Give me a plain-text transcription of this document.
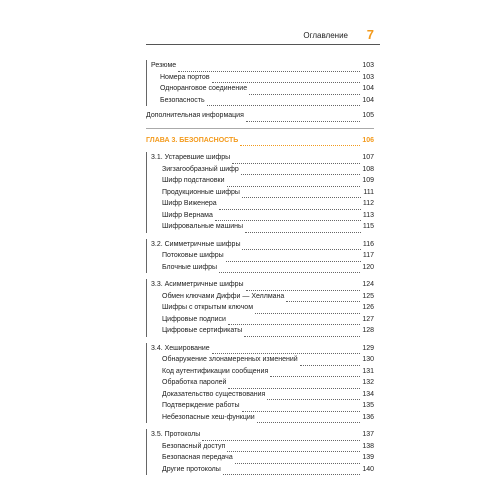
Оглавление 7
Резюме	103
Номера портов	103
Одноранговое соединение	104
Безопасность	104
Дополнительная информация	105
ГЛАВА 3. БЕЗОПАСНОСТЬ	106
3.1. Устаревшие шифры	107
Зигзагообразный шифр	108
Шифр подстановки	109
Продукционные шифры	111
Шифр Виженера	112
Шифр Вернама	113
Шифровальные машины	115
3.2. Симметричные шифры	116
Потоковые шифры	117
Блочные шифры	120
3.3. Асимметричные шифры	124
Обмен ключами Диффи — Хеллмана	125
Шифры с открытым ключом	126
Цифровые подписи	127
Цифровые сертификаты	128
3.4. Хеширование	129
Обнаружение злонамеренных изменений	130
Код аутентификации сообщения	131
Обработка паролей	132
Доказательство существования	134
Подтверждение работы	135
Небезопасные хеш-функции	136
3.5. Протоколы	137
Безопасный доступ	138
Безопасная передача	139
Другие протоколы	140
